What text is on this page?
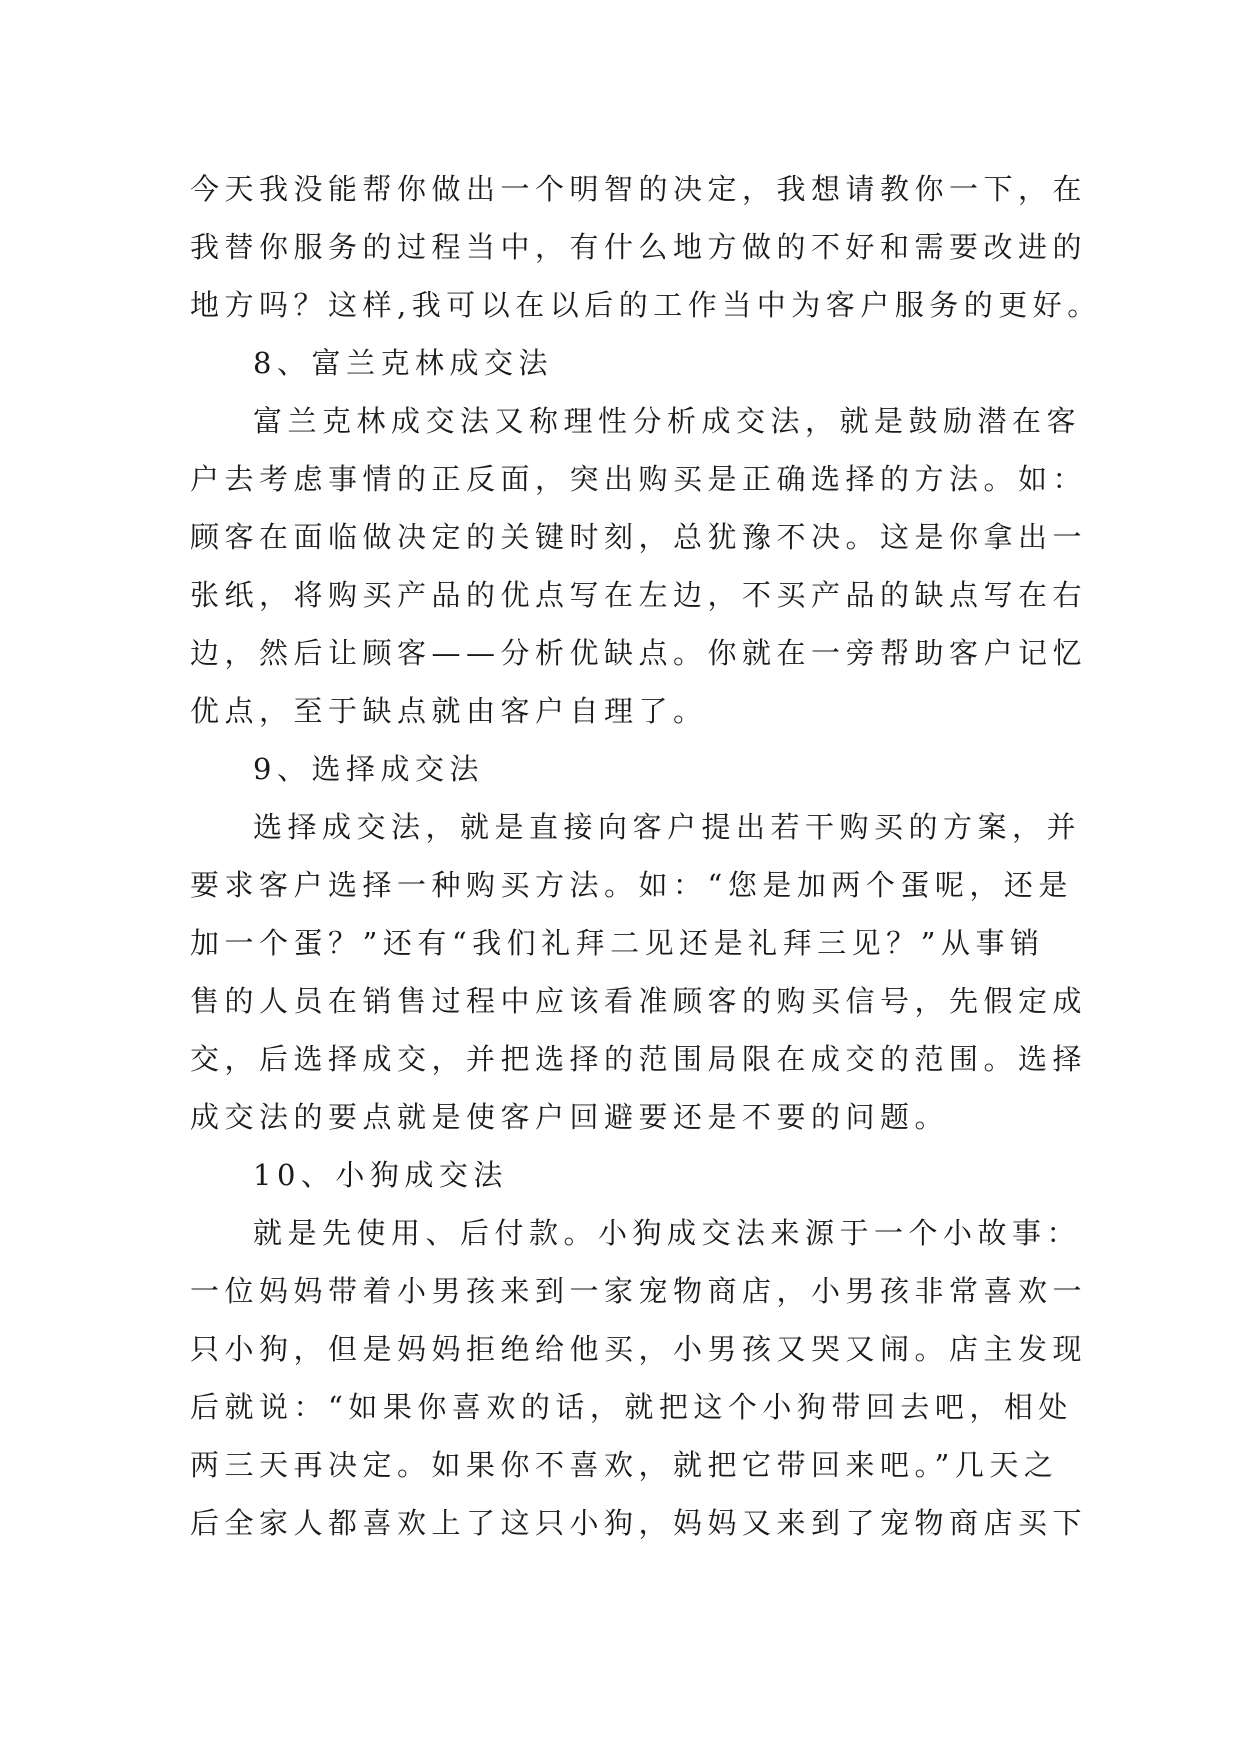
今天我没能帮你做出一个明智的决定，我想请教你一下，在
我替你服务的过程当中，有什么地方做的不好和需要改进的
地方吗？这样,我可以在以后的工作当中为客户服务的更好。
8、富兰克林成交法
富兰克林成交法又称理性分析成交法，就是鼓励潜在客
户去考虑事情的正反面，突出购买是正确选择的方法。如：
顾客在面临做决定的关键时刻，总犹豫不决。这是你拿出一
张纸，将购买产品的优点写在左边，不买产品的缺点写在右
边，然后让顾客——分析优缺点。你就在一旁帮助客户记忆
优点，至于缺点就由客户自理了。
9、选择成交法
选择成交法，就是直接向客户提出若干购买的方案，并
要求客户选择一种购买方法。如：“您是加两个蛋呢，还是
加一个蛋？”还有“我们礼拜二见还是礼拜三见？”从事销
售的人员在销售过程中应该看准顾客的购买信号，先假定成
交，后选择成交，并把选择的范围局限在成交的范围。选择
成交法的要点就是使客户回避要还是不要的问题。
10、小狗成交法
就是先使用、后付款。小狗成交法来源于一个小故事：
一位妈妈带着小男孩来到一家宠物商店，小男孩非常喜欢一
只小狗，但是妈妈拒绝给他买，小男孩又哭又闹。店主发现
后就说：“如果你喜欢的话，就把这个小狗带回去吧，相处
两三天再决定。如果你不喜欢，就把它带回来吧。”几天之
后全家人都喜欢上了这只小狗，妈妈又来到了宠物商店买下
